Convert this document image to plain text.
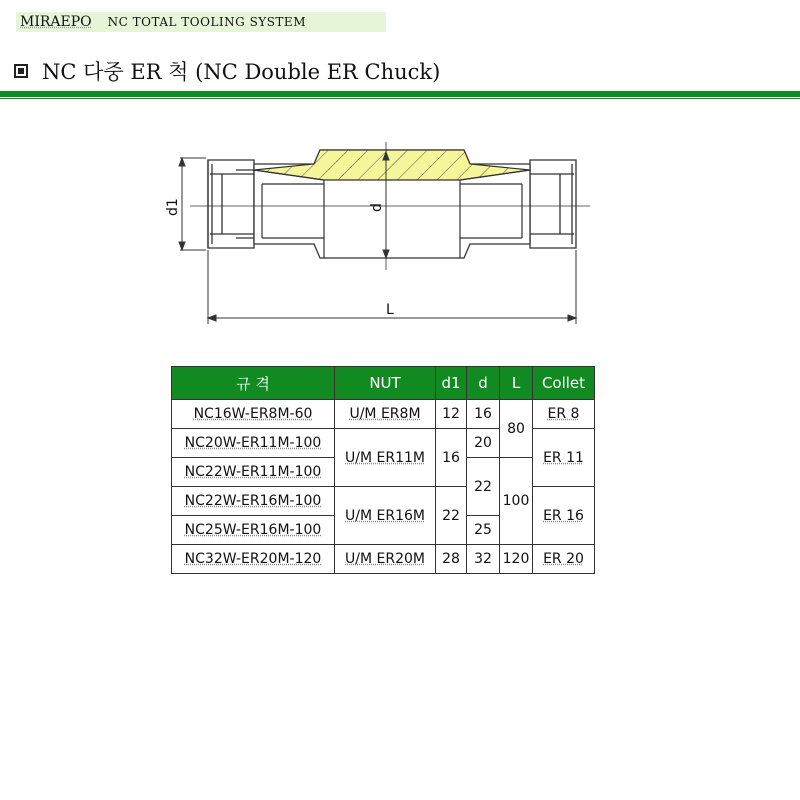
MIRAEPO NC TOTAL TOOLING SYSTEM
NC 다중 ER 척 (NC Double ER Chuck)
d1	d
L
규 격	NUT	d1	d	L	Collet
NC16W-ER8M-60	U/M ER8M	12	16	80	ER 8
NC20W-ER11M-100	U/M ER11M	16	20		ER 11
NC22W-ER11M-100			22	100	
NC22W-ER16M-100	U/M ER16M	22			ER 16
NC25W-ER16M-100			25		
NC32W-ER20M-120	U/M ER20M	28	32	120	ER 20
